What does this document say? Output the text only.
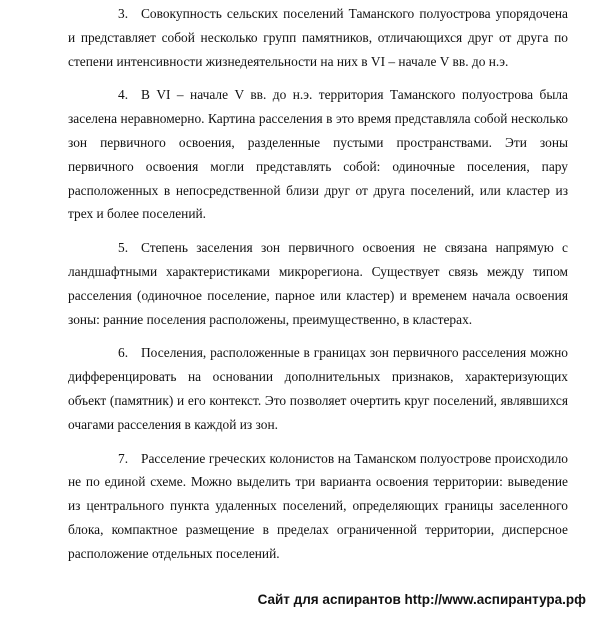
3. Совокупность сельских поселений Таманского полуострова упорядочена и представляет собой несколько групп памятников, отличающихся друг от друга по степени интенсивности жизнедеятельности на них в VI – начале V вв. до н.э.

4. В VI – начале V вв. до н.э. территория Таманского полуострова была заселена неравномерно. Картина расселения в это время представляла собой несколько зон первичного освоения, разделенные пустыми пространствами. Эти зоны первичного освоения могли представлять собой: одиночные поселения, пару расположенных в непосредственной близи друг от друга поселений, или кластер из трех и более поселений.

5. Степень заселения зон первичного освоения не связана напрямую с ландшафтными характеристиками микрорегиона. Существует связь между типом расселения (одиночное поселение, парное или кластер) и временем начала освоения зоны: ранние поселения расположены, преимущественно, в кластерах.

6. Поселения, расположенные в границах зон первичного расселения можно дифференцировать на основании дополнительных признаков, характеризующих объект (памятник) и его контекст. Это позволяет очертить круг поселений, являвшихся очагами расселения в каждой из зон.

7. Расселение греческих колонистов на Таманском полуострове происходило не по единой схеме. Можно выделить три варианта освоения территории: выведение из центрального пункта удаленных поселений, определяющих границы заселенного блока, компактное размещение в пределах ограниченной территории, дисперсное расположение отдельных поселений.

Сайт для аспирантов http://www.аспирантура.рф
